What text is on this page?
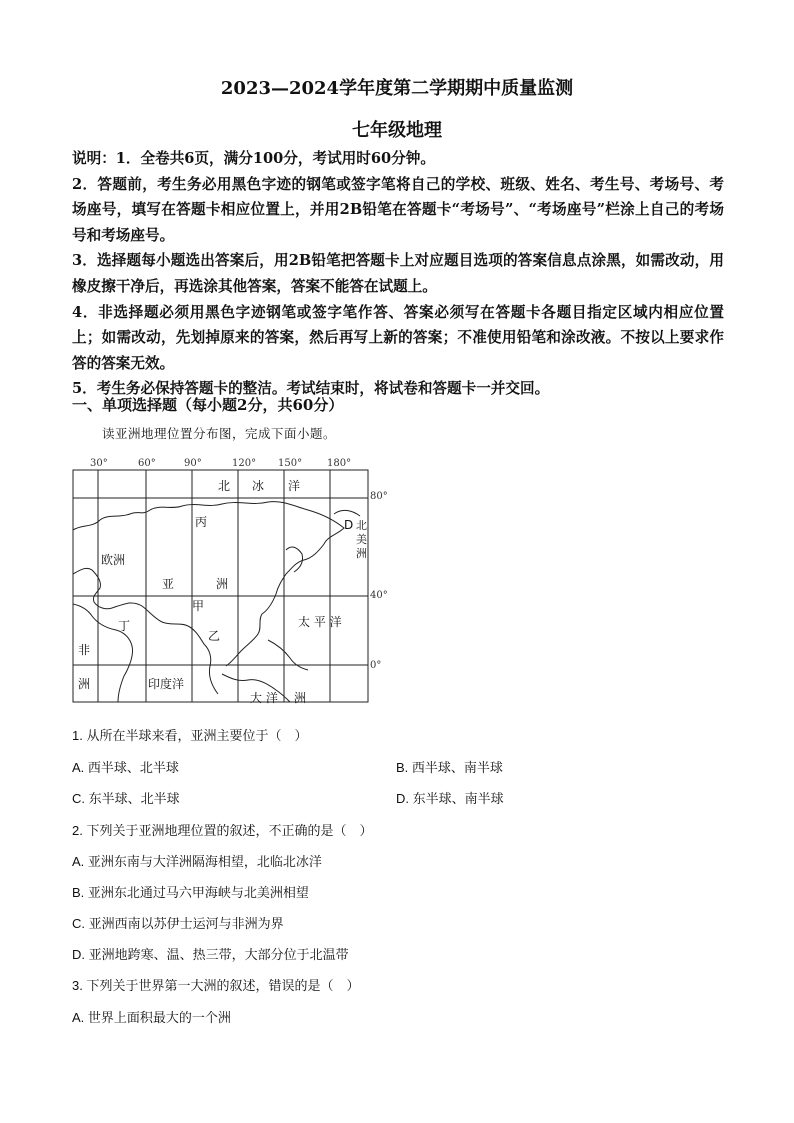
2023—2024学年度第二学期期中质量监测
七年级地理

说明：1．全卷共6页，满分100分，考试用时60分钟。

2．答题前，考生务必用黑色字迹的钢笔或签字笔将自己的学校、班级、姓名、考生号、考场号、考场座号，填写在答题卡相应位置上，并用2B铅笔在答题卡“考场号”、“考场座号”栏涂上自己的考场号和考场座号。

3．选择题每小题选出答案后，用2B铅笔把答题卡上对应题目选项的答案信息点涂黑，如需改动，用橡皮擦干净后，再选涂其他答案，答案不能答在试题上。

4．非选择题必须用黑色字迹钢笔或签字笔作答、答案必须写在答题卡各题目指定区域内相应位置上；如需改动，先划掉原来的答案，然后再写上新的答案；不准使用铅笔和涂改液。不按以上要求作答的答案无效。

5．考生务必保持答题卡的整洁。考试结束时，将试卷和答题卡一并交回。

一、单项选择题（每小题2分，共60分）
读亚洲地理位置分布图，完成下面小题。
30°	60°	90°	120° 150° 180°
80°
40°
0°
北 冰 洋
丙	D 北
美
洲
欧洲
亚	洲
甲
丁
乙
太 平 洋
非
洲	印度洋
大 洋 洲
1. 从所在半球来看，亚洲主要位于（　）
A. 西半球、北半球	B. 西半球、南半球
C. 东半球、北半球	D. 东半球、南半球
2. 下列关于亚洲地理位置的叙述，不正确的是（　）
A. 亚洲东南与大洋洲隔海相望，北临北冰洋
B. 亚洲东北通过马六甲海峡与北美洲相望
C. 亚洲西南以苏伊士运河与非洲为界
D. 亚洲地跨寒、温、热三带，大部分位于北温带
3. 下列关于世界第一大洲的叙述，错误的是（　）
A. 世界上面积最大的一个洲
